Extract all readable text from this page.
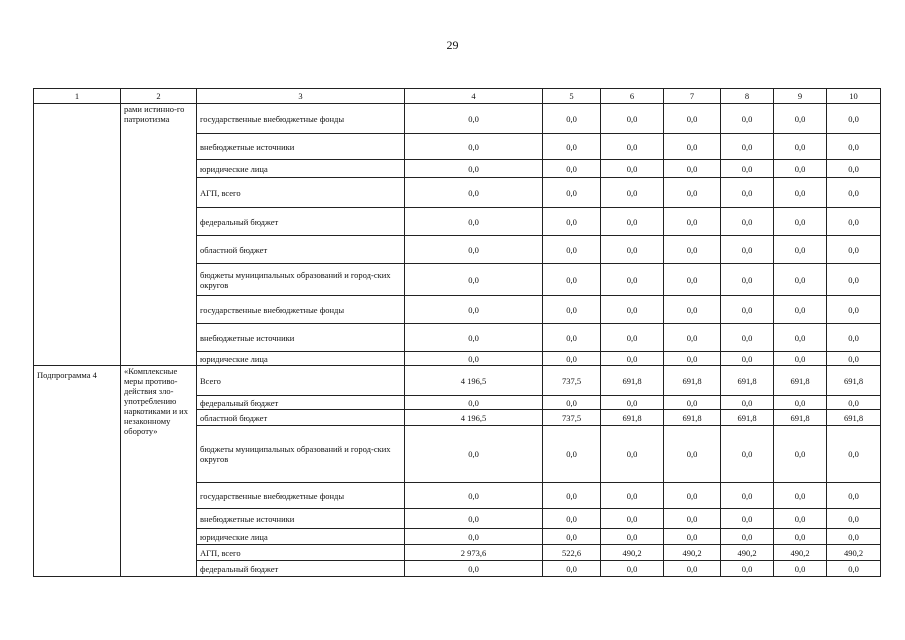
29
1	2	3	4	5	6	7	8	9	10
	рами истинно-го патриотизма	государственные внебюджетные фонды	0,0	0,0	0,0	0,0	0,0	0,0	0,0
		внебюджетные источники	0,0	0,0	0,0	0,0	0,0	0,0	0,0
		юридические лица	0,0	0,0	0,0	0,0	0,0	0,0	0,0
		АГП, всего	0,0	0,0	0,0	0,0	0,0	0,0	0,0
		федеральный бюджет	0,0	0,0	0,0	0,0	0,0	0,0	0,0
		областной бюджет	0,0	0,0	0,0	0,0	0,0	0,0	0,0
		бюджеты муниципальных образований и город-ских округов	0,0	0,0	0,0	0,0	0,0	0,0	0,0
		государственные внебюджетные фонды	0,0	0,0	0,0	0,0	0,0	0,0	0,0
		внебюджетные источники	0,0	0,0	0,0	0,0	0,0	0,0	0,0
		юридические лица	0,0	0,0	0,0	0,0	0,0	0,0	0,0
Подпрограмма 4	«Комплексные меры противо-действия зло-употреблению наркотиками и их незаконному обороту»	Всего	4 196,5	737,5	691,8	691,8	691,8	691,8	691,8
		федеральный бюджет	0,0	0,0	0,0	0,0	0,0	0,0	0,0
		областной бюджет	4 196,5	737,5	691,8	691,8	691,8	691,8	691,8
		бюджеты муниципальных образований и город-ских округов	0,0	0,0	0,0	0,0	0,0	0,0	0,0
		государственные внебюджетные фонды	0,0	0,0	0,0	0,0	0,0	0,0	0,0
		внебюджетные источники	0,0	0,0	0,0	0,0	0,0	0,0	0,0
		юридические лица	0,0	0,0	0,0	0,0	0,0	0,0	0,0
		АГП, всего	2 973,6	522,6	490,2	490,2	490,2	490,2	490,2
		федеральный бюджет	0,0	0,0	0,0	0,0	0,0	0,0	0,0
